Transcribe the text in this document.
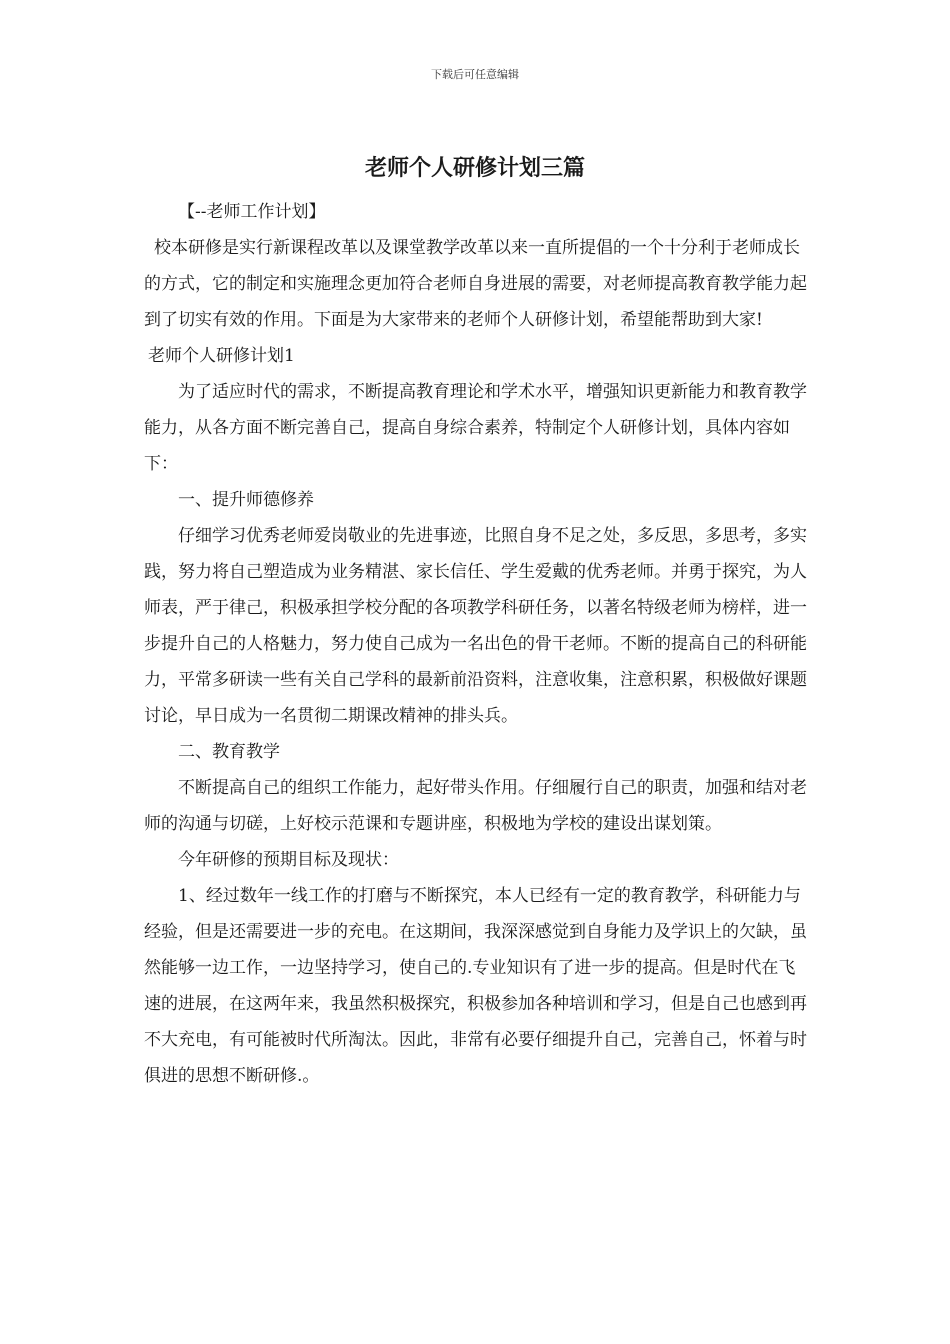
下载后可任意编辑
老师个人研修计划三篇

【--老师工作计划】

校本研修是实行新课程改革以及课堂教学改革以来一直所提倡的一个十分利于老师成长的方式，它的制定和实施理念更加符合老师自身进展的需要，对老师提高教育教学能力起到了切实有效的作用。下面是为大家带来的老师个人研修计划，希望能帮助到大家!

老师个人研修计划1

为了适应时代的需求，不断提高教育理论和学术水平，增强知识更新能力和教育教学能力，从各方面不断完善自己，提高自身综合素养，特制定个人研修计划，具体内容如下：

一、提升师德修养

仔细学习优秀老师爱岗敬业的先进事迹，比照自身不足之处，多反思，多思考，多实践，努力将自己塑造成为业务精湛、家长信任、学生爱戴的优秀老师。并勇于探究，为人师表，严于律己，积极承担学校分配的各项教学科研任务，以著名特级老师为榜样，进一步提升自己的人格魅力，努力使自己成为一名出色的骨干老师。不断的提高自己的科研能力，平常多研读一些有关自己学科的最新前沿资料，注意收集，注意积累，积极做好课题讨论，早日成为一名贯彻二期课改精神的排头兵。

二、教育教学

不断提高自己的组织工作能力，起好带头作用。仔细履行自己的职责，加强和结对老师的沟通与切磋，上好校示范课和专题讲座，积极地为学校的建设出谋划策。

今年研修的预期目标及现状：

1、经过数年一线工作的打磨与不断探究，本人已经有一定的教育教学，科研能力与经验，但是还需要进一步的充电。在这期间，我深深感觉到自身能力及学识上的欠缺，虽然能够一边工作，一边坚持学习，使自己的.专业知识有了进一步的提高。但是时代在飞速的进展，在这两年来，我虽然积极探究，积极参加各种培训和学习，但是自己也感到再不大充电，有可能被时代所淘汰。因此，非常有必要仔细提升自己，完善自己，怀着与时俱进的思想不断研修.。
